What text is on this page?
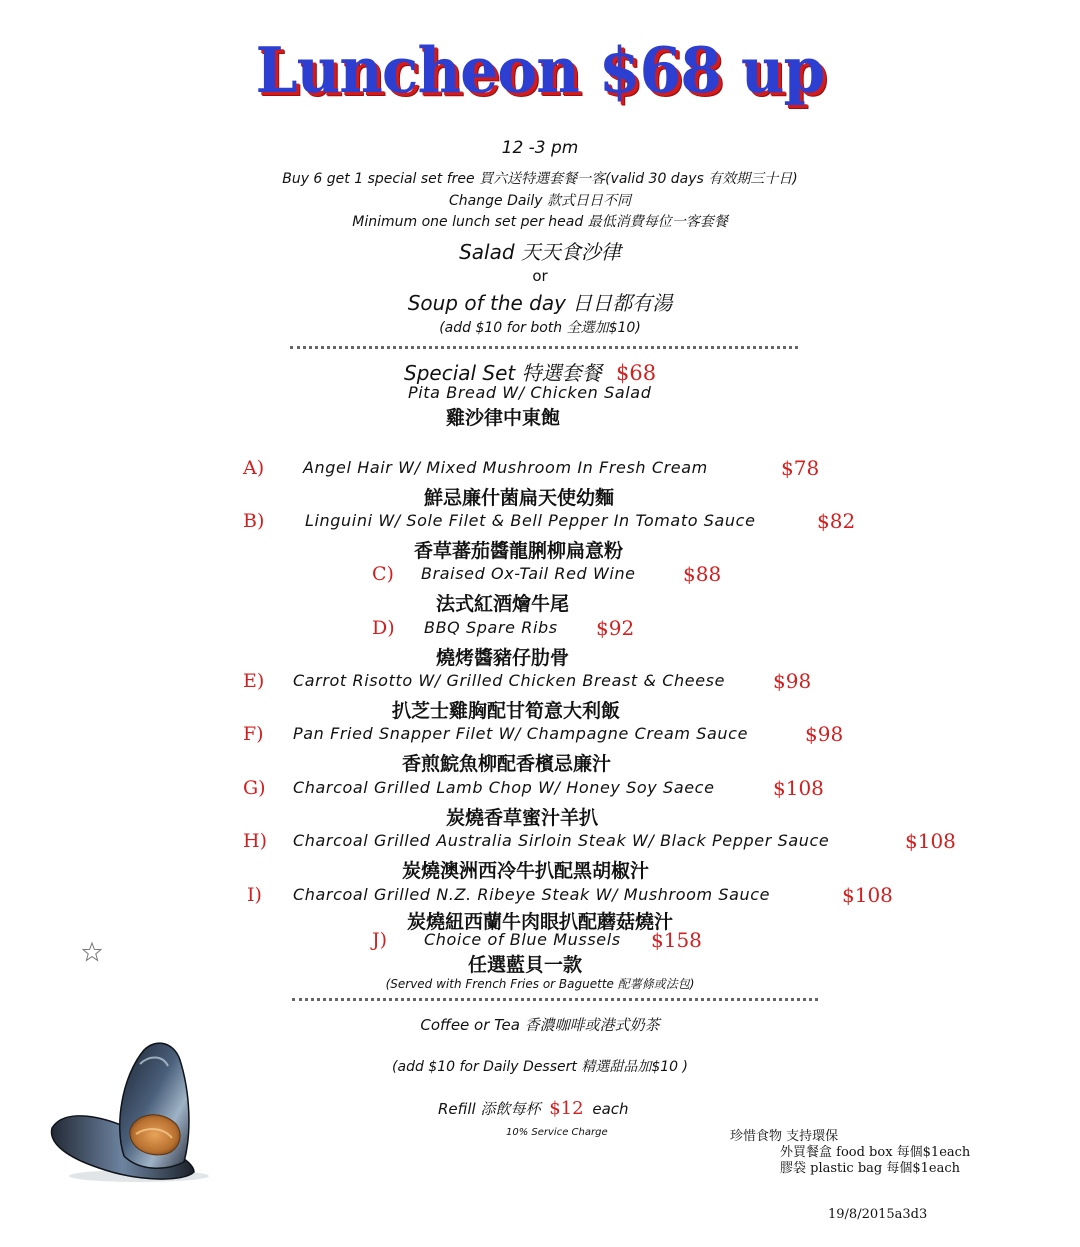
Luncheon $68 up
12 -3 pm
Buy 6 get 1 special set free 買六送特選套餐一客(valid 30 days 有效期三十日)
Change Daily 款式日日不同
Minimum one lunch set per head 最低消費每位一客套餐
Salad 天天食沙律
or
Soup of the day 日日都有湯
(add $10 for both 全選加$10)
Special Set 特選套餐 $68
Pita Bread W/ Chicken Salad
雞沙律中東飽
A) Angel Hair W/ Mixed Mushroom In Fresh Cream	$78
鮮忌廉什菌扁天使幼麵
B)	Linguini W/ Sole Filet & Bell Pepper In Tomato Sauce	$82
香草蕃茄醬龍脷柳扁意粉
C) Braised Ox-Tail Red Wine $88
法式紅酒燴牛尾
D) BBQ Spare Ribs $92
燒烤醬豬仔肋骨
E) Carrot Risotto W/ Grilled Chicken Breast & Cheese $98
扒芝士雞胸配甘筍意大利飯
F) Pan Fried Snapper Filet W/ Champagne Cream Sauce	$98
香煎鯇魚柳配香檳忌廉汁
G) Charcoal Grilled Lamb Chop W/ Honey Soy Saece	$108
炭燒香草蜜汁羊扒
H) Charcoal Grilled Australia Sirloin Steak W/ Black Pepper Sauce	$108
炭燒澳洲西冷牛扒配黑胡椒汁
I) Charcoal Grilled N.Z. Ribeye Steak W/ Mushroom Sauce	$108
炭燒紐西蘭牛肉眼扒配蘑菇燒汁
J) Choice of Blue Mussels $158
任選藍貝一款
(Served with French Fries or Baguette 配薯條或法包)
Coffee or Tea 香濃咖啡或港式奶茶
(add $10 for Daily Dessert 精選甜品加$10 )
Refill 添飲每杯 $12 each
10% Service Charge	珍惜食物 支持環保
外買餐盒 food box 每個$1each
膠袋 plastic bag 每個$1each
19/8/2015a3d3
